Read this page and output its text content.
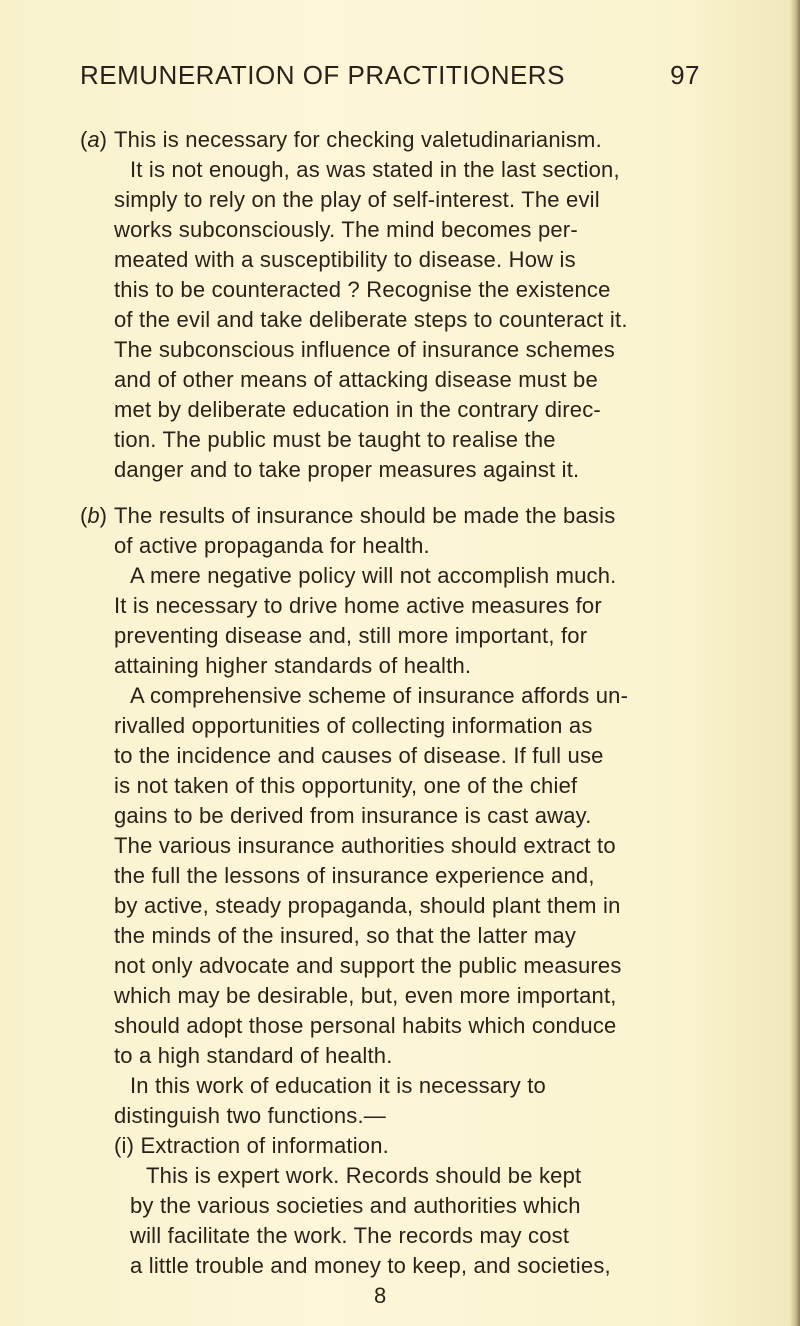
REMUNERATION OF PRACTITIONERS	97
(a) This is necessary for checking valetudinarianism.
It is not enough, as was stated in the last section,
simply to rely on the play of self-interest. The evil
works subconsciously. The mind becomes per-
meated with a susceptibility to disease. How is
this to be counteracted ? Recognise the existence
of the evil and take deliberate steps to counteract it.
The subconscious influence of insurance schemes
and of other means of attacking disease must be
met by deliberate education in the contrary direc-
tion. The public must be taught to realise the
danger and to take proper measures against it.
(b) The results of insurance should be made the basis
of active propaganda for health.
A mere negative policy will not accomplish much.
It is necessary to drive home active measures for
preventing disease and, still more important, for
attaining higher standards of health.
A comprehensive scheme of insurance affords un-
rivalled opportunities of collecting information as
to the incidence and causes of disease. If full use
is not taken of this opportunity, one of the chief
gains to be derived from insurance is cast away.
The various insurance authorities should extract to
the full the lessons of insurance experience and,
by active, steady propaganda, should plant them in
the minds of the insured, so that the latter may
not only advocate and support the public measures
which may be desirable, but, even more important,
should adopt those personal habits which conduce
to a high standard of health.
In this work of education it is necessary to
distinguish two functions.—
(i) Extraction of information.
This is expert work. Records should be kept
by the various societies and authorities which
will facilitate the work. The records may cost
a little trouble and money to keep, and societies,
8
